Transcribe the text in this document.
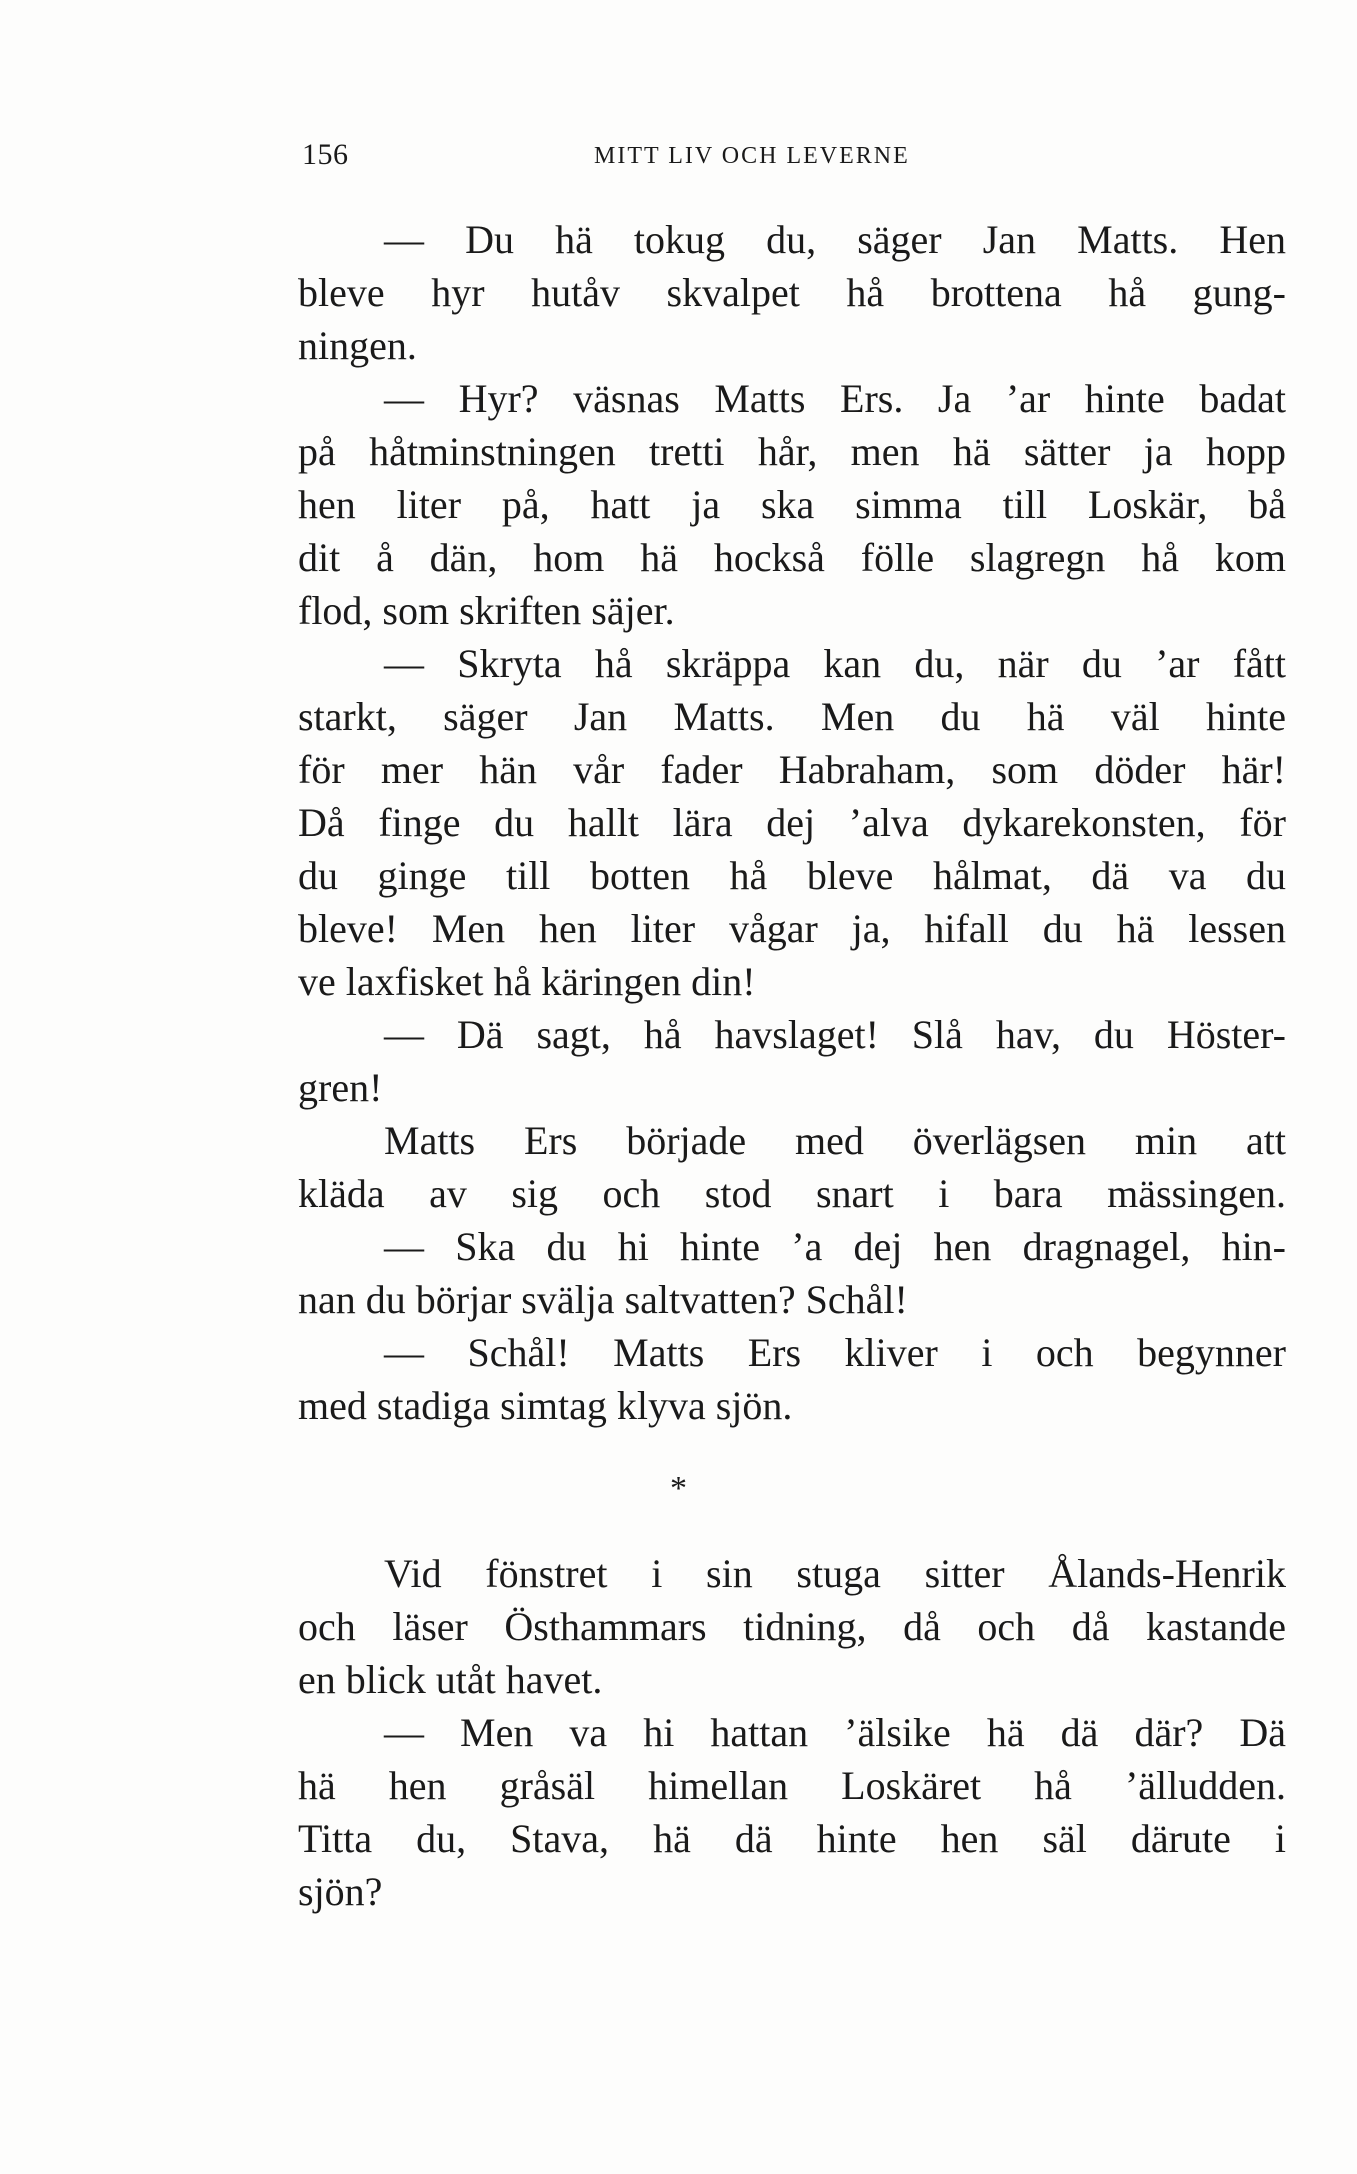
156	MITT LIV OCH LEVERNE
— Du hä tokug du, säger Jan Matts. Hen
bleve hyr hutåv skvalpet hå brottena hå gung-
ningen.
— Hyr? väsnas Matts Ers. Ja ’ar hinte badat
på håtminstningen tretti hår, men hä sätter ja hopp
hen liter på, hatt ja ska simma till Loskär, bå
dit å dän, hom hä hockså fölle slagregn hå kom
flod, som skriften säjer.
— Skryta hå skräppa kan du, när du ’ar fått
starkt, säger Jan Matts. Men du hä väl hinte
för mer hän vår fader Habraham, som döder här!
Då finge du hallt lära dej ’alva dykarekonsten, för
du ginge till botten hå bleve hålmat, dä va du
bleve! Men hen liter vågar ja, hifall du hä lessen
ve laxfisket hå käringen din!
— Dä sagt, hå havslaget! Slå hav, du Höster-
gren!
Matts Ers började med överlägsen min att
kläda av sig och stod snart i bara mässingen.
— Ska du hi hinte ’a dej hen dragnagel, hin-
nan du börjar svälja saltvatten? Schål!
— Schål! Matts Ers kliver i och begynner
med stadiga simtag klyva sjön.
*
Vid fönstret i sin stuga sitter Ålands-Henrik
och läser Östhammars tidning, då och då kastande
en blick utåt havet.
— Men va hi hattan ’älsike hä dä där? Dä
hä hen gråsäl himellan Loskäret hå ’älludden.
Titta du, Stava, hä dä hinte hen säl därute i
sjön?
